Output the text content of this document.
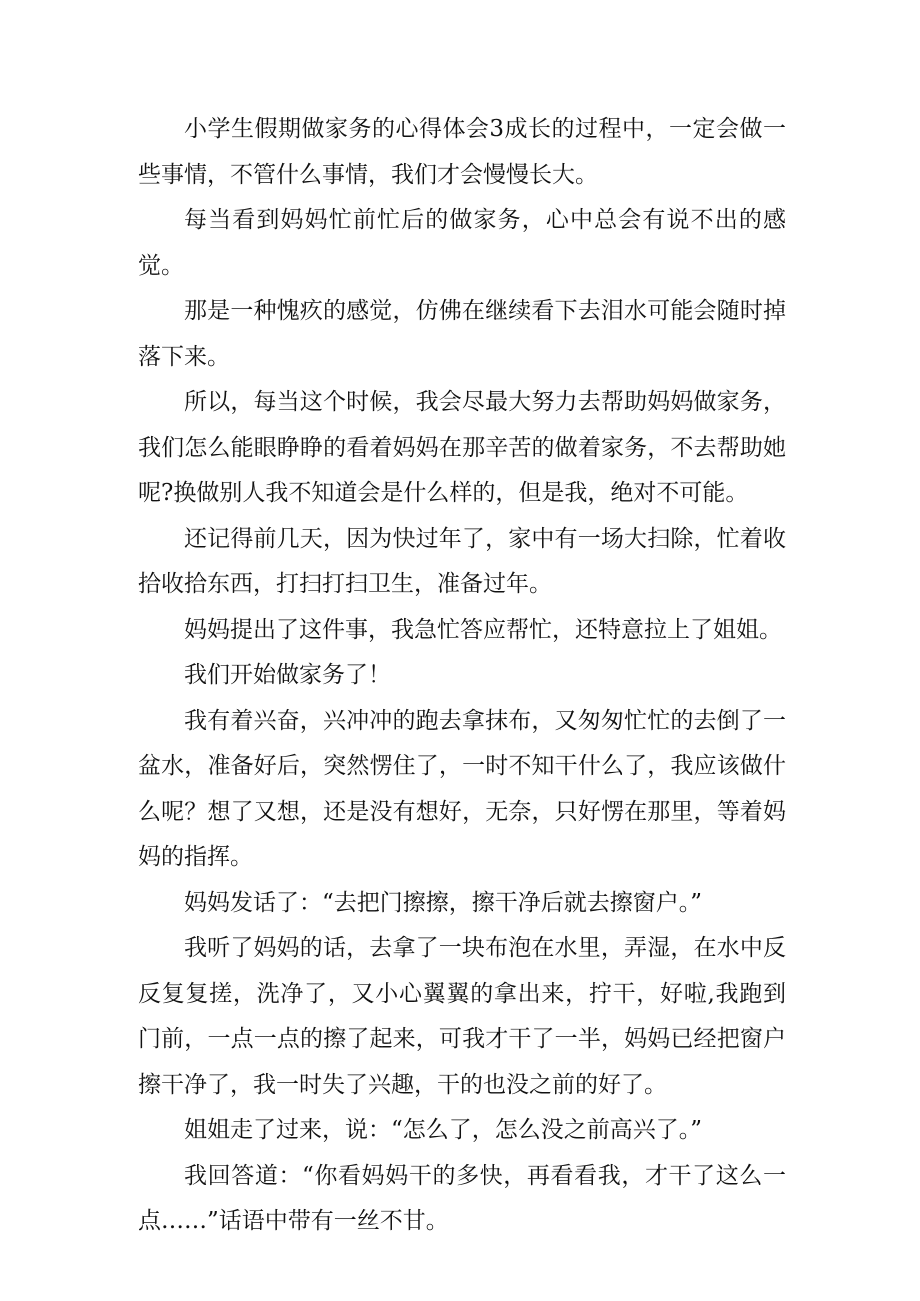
小学生假期做家务的心得体会3成长的过程中，一定会做一些事情，不管什么事情，我们才会慢慢长大。

每当看到妈妈忙前忙后的做家务，心中总会有说不出的感觉。

那是一种愧疚的感觉，仿佛在继续看下去泪水可能会随时掉落下来。

所以，每当这个时候，我会尽最大努力去帮助妈妈做家务，我们怎么能眼睁睁的看着妈妈在那辛苦的做着家务，不去帮助她呢?换做别人我不知道会是什么样的，但是我，绝对不可能。

还记得前几天，因为快过年了，家中有一场大扫除，忙着收拾收拾东西，打扫打扫卫生，准备过年。

妈妈提出了这件事，我急忙答应帮忙，还特意拉上了姐姐。

我们开始做家务了！

我有着兴奋，兴冲冲的跑去拿抹布，又匆匆忙忙的去倒了一盆水，准备好后，突然愣住了，一时不知干什么了，我应该做什么呢？想了又想，还是没有想好，无奈，只好愣在那里，等着妈妈的指挥。

妈妈发话了：“去把门擦擦，擦干净后就去擦窗户。”

我听了妈妈的话，去拿了一块布泡在水里，弄湿，在水中反反复复搓，洗净了，又小心翼翼的拿出来，拧干，好啦,我跑到门前，一点一点的擦了起来，可我才干了一半，妈妈已经把窗户擦干净了，我一时失了兴趣，干的也没之前的好了。

姐姐走了过来，说：“怎么了，怎么没之前高兴了。”

我回答道：“你看妈妈干的多快，再看看我，才干了这么一点……”话语中带有一丝不甘。
